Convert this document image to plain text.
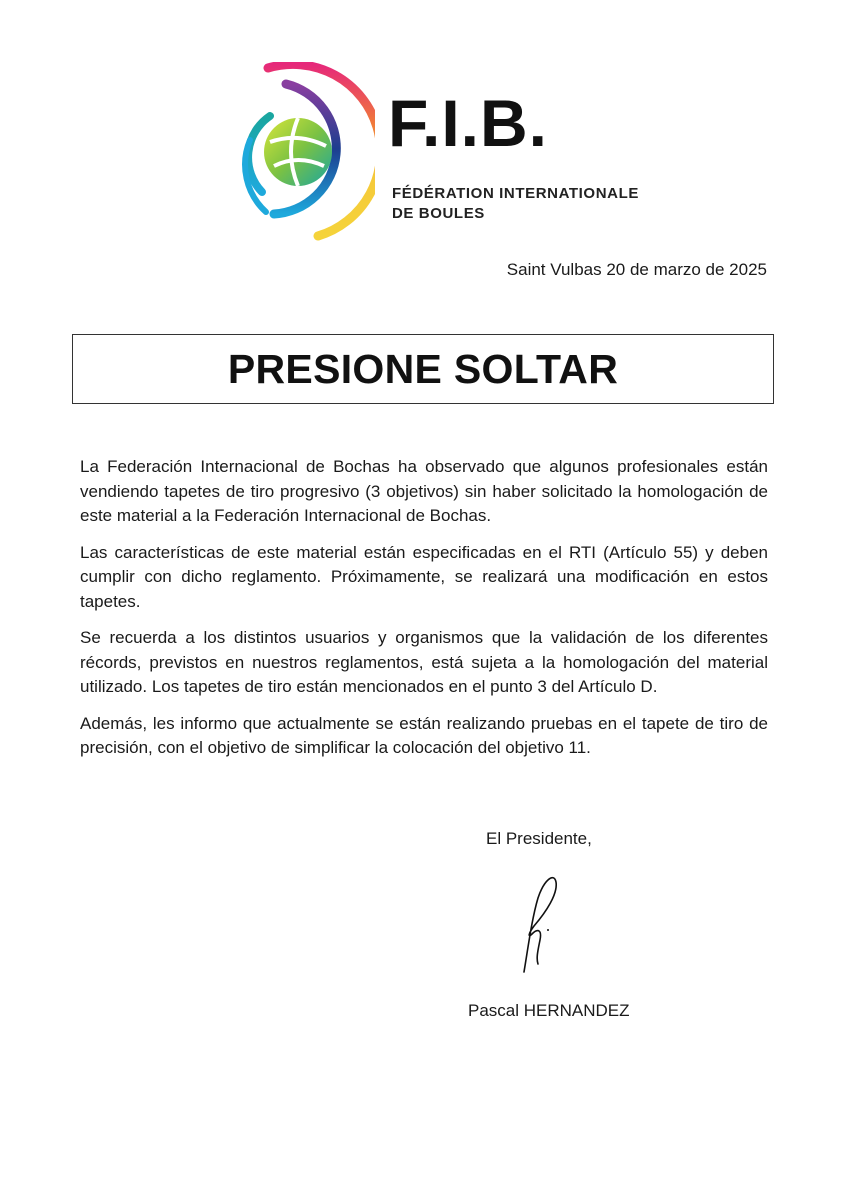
F.I.B.
FÉDÉRATION INTERNATIONALE
DE BOULES
Saint Vulbas 20 de marzo de 2025
PRESIONE SOLTAR

La Federación Internacional de Bochas ha observado que algunos profesionales están vendiendo tapetes de tiro progresivo (3 objetivos) sin haber solicitado la homologación de este material a la Federación Internacional de Bochas.

Las características de este material están especificadas en el RTI (Artículo 55) y deben cumplir con dicho reglamento. Próximamente, se realizará una modificación en estos tapetes.

Se recuerda a los distintos usuarios y organismos que la validación de los diferentes récords, previstos en nuestros reglamentos, está sujeta a la homologación del material utilizado. Los tapetes de tiro están mencionados en el punto 3 del Artículo D.

Además, les informo que actualmente se están realizando pruebas en el tapete de tiro de precisión, con el objetivo de simplificar la colocación del objetivo 11.

El Presidente,
Pascal HERNANDEZ
